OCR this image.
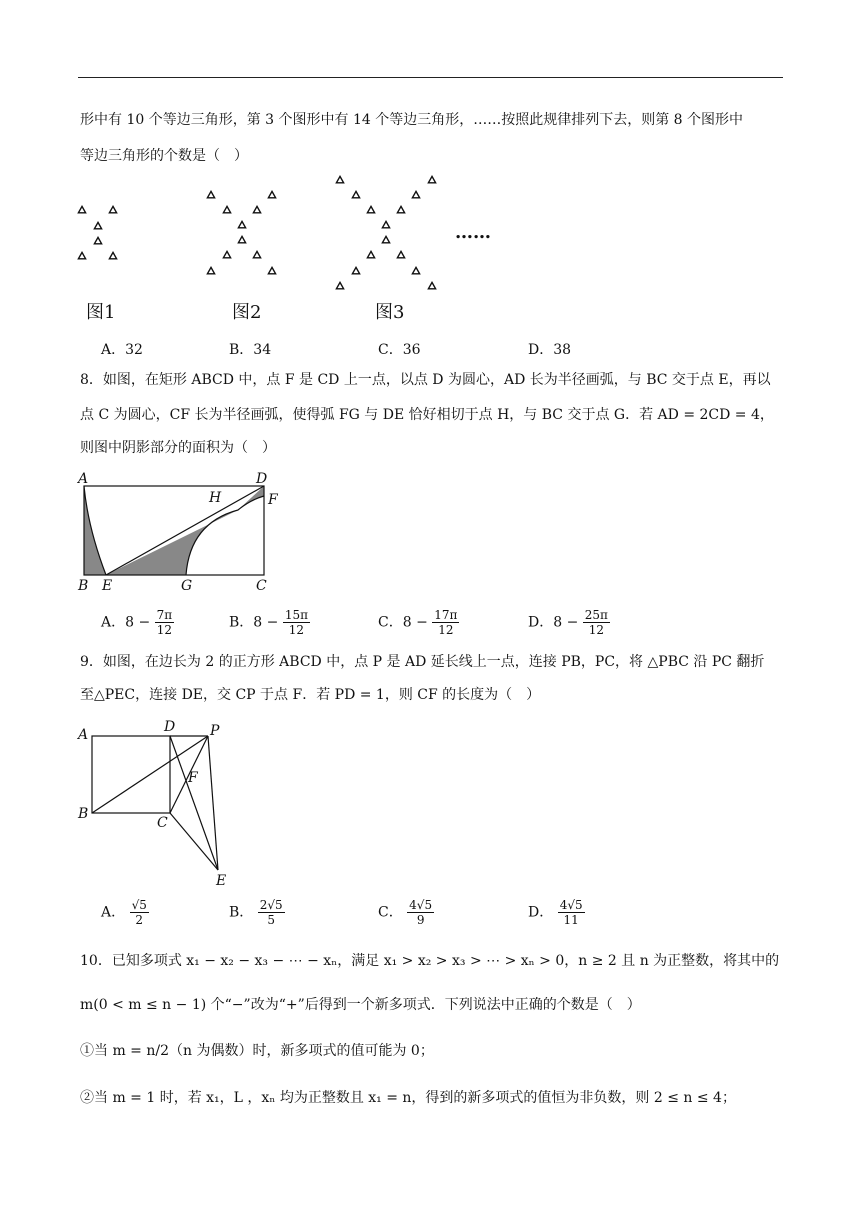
形中有 10 个等边三角形，第 3 个图形中有 14 个等边三角形，……按照此规律排列下去，则第 8 个图形中
等边三角形的个数是（　）
……
图1	图2	图3
A．32	B．34	C．36	D．38
8．如图，在矩形 ABCD 中，点 F 是 CD 上一点，以点 D 为圆心，AD 长为半径画弧，与 BC 交于点 E，再以
点 C 为圆心，CF 长为半径画弧，使得弧 FG 与 DE 恰好相切于点 H，与 BC 交于点 G．若 AD = 2CD = 4，
则图中阴影部分的面积为（　）
A	D
F
H
B E	G	C
A．$8 - \frac{7\pi}{12}$	B．$8 - \frac{15\pi}{12}$	C．$8 - \frac{17\pi}{12}$	D．$8 - \frac{25\pi}{12}$
9．如图，在边长为 2 的正方形 ABCD 中，点 P 是 AD 延长线上一点，连接 PB，PC，将 △PBC 沿 PC 翻折
至△PEC，连接 DE，交 CP 于点 F．若 PD = 1，则 CF 的长度为（　）
A	D P
F
B
C
E
A． $\frac{√5}{2}$	B． $\frac{2√5}{5}$	C． $\frac{4√5}{9}$	D． $\frac{4√5}{11}$
10．已知多项式 x₁ − x₂ − x₃ − ⋯ − xₙ，满足 x₁ > x₂ > x₃ > ⋯ > xₙ > 0，n ≥ 2 且 n 为正整数，将其中的
m(0 < m ≤ n − 1) 个“−”改为“+”后得到一个新多项式．下列说法中正确的个数是（　）
①当 m = n/2（n 为偶数）时，新多项式的值可能为 0；
②当 m = 1 时，若 x₁，L ，xₙ 均为正整数且 x₁ = n，得到的新多项式的值恒为非负数，则 2 ≤ n ≤ 4；
